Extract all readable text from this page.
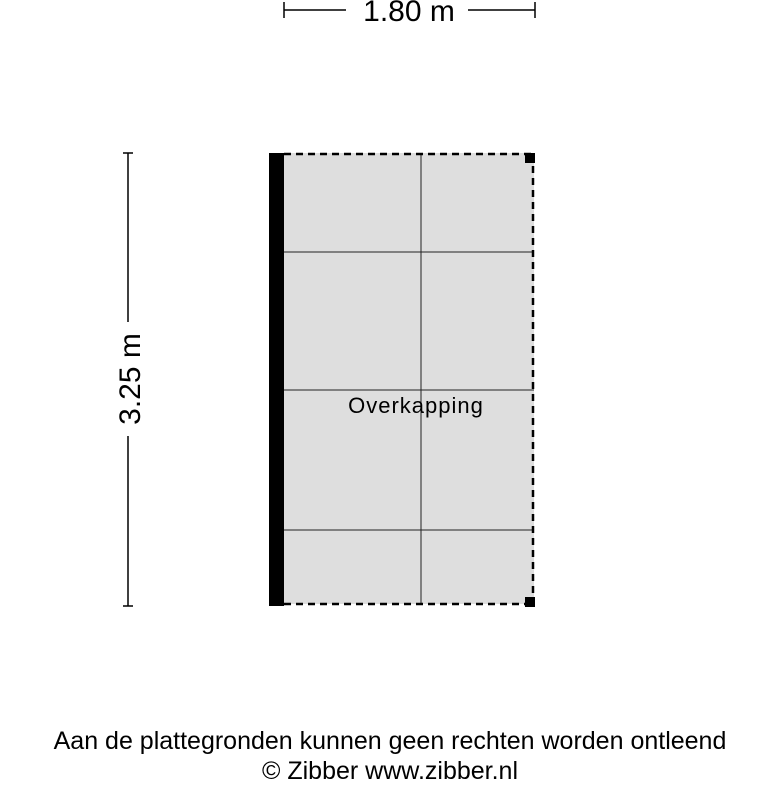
1.80 m
3.25 m	Overkapping
Aan de plattegronden kunnen geen rechten worden ontleend
© Zibber www.zibber.nl
